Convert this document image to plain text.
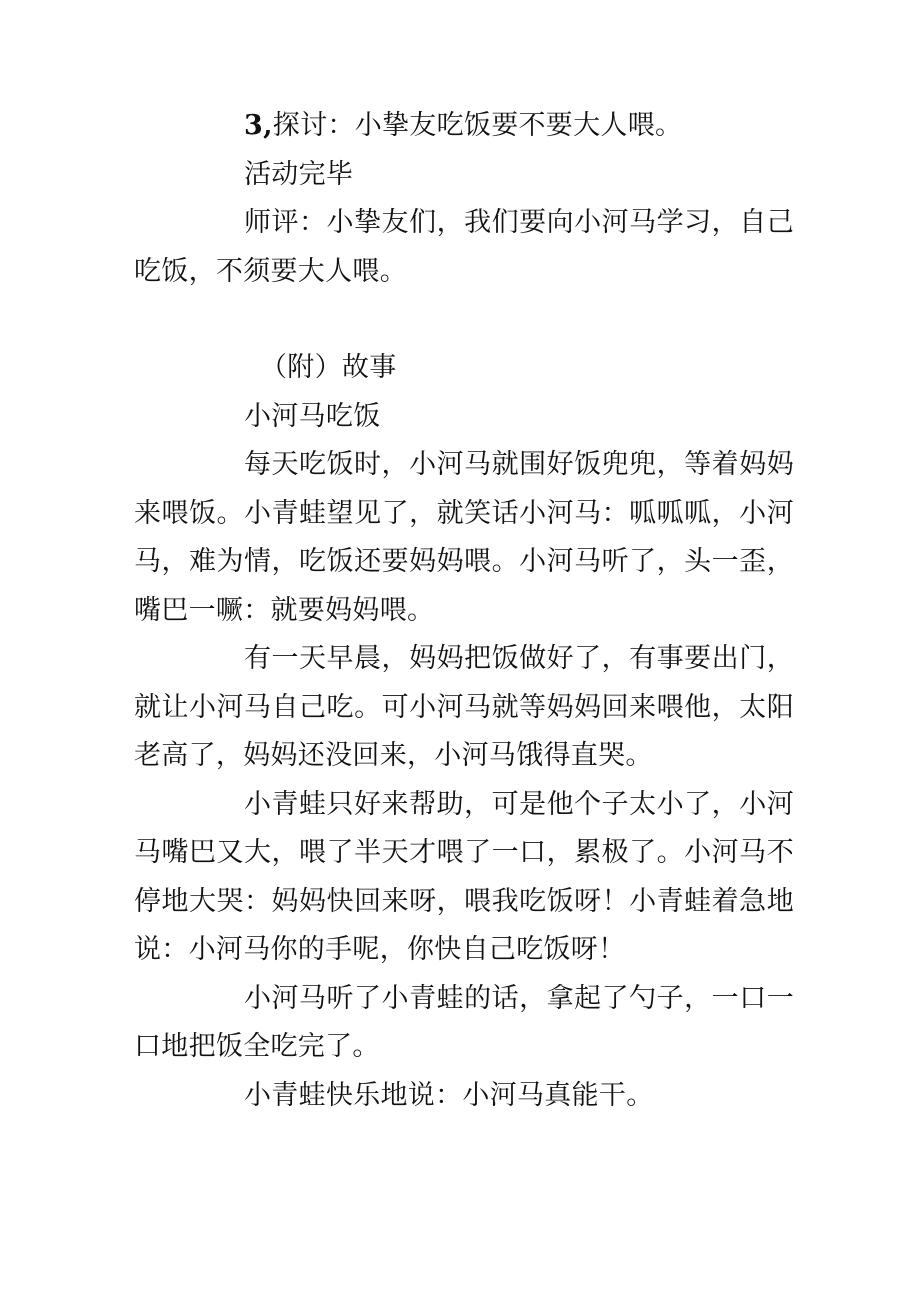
3,探讨：小挚友吃饭要不要大人喂。

活动完毕

师评：小挚友们，我们要向小河马学习，自己吃饭，不须要大人喂。

（附）故事

小河马吃饭

每天吃饭时，小河马就围好饭兜兜，等着妈妈来喂饭。小青蛙望见了，就笑话小河马：呱呱呱，小河马，难为情，吃饭还要妈妈喂。小河马听了，头一歪，嘴巴一噘：就要妈妈喂。

有一天早晨，妈妈把饭做好了，有事要出门，就让小河马自己吃。可小河马就等妈妈回来喂他，太阳老高了，妈妈还没回来，小河马饿得直哭。

小青蛙只好来帮助，可是他个子太小了，小河马嘴巴又大，喂了半天才喂了一口，累极了。小河马不停地大哭：妈妈快回来呀，喂我吃饭呀！小青蛙着急地说：小河马你的手呢，你快自己吃饭呀！

小河马听了小青蛙的话，拿起了勺子，一口一口地把饭全吃完了。

小青蛙快乐地说：小河马真能干。
